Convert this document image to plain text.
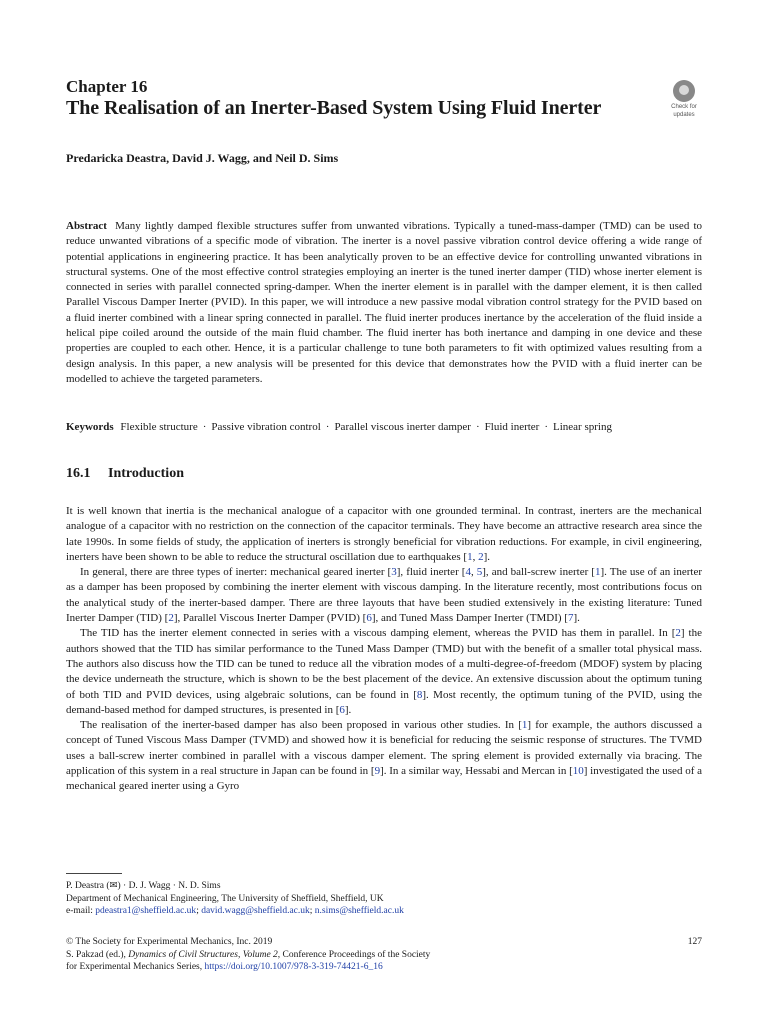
Chapter 16
The Realisation of an Inerter-Based System Using Fluid Inerter	Check for
updates
Predaricka Deastra, David J. Wagg, and Neil D. Sims
Abstract Many lightly damped flexible structures suffer from unwanted vibrations. Typically a tuned-mass-damper (TMD) can be used to reduce unwanted vibrations of a specific mode of vibration. The inerter is a novel passive vibration control device offering a wide range of potential applications in engineering practice. It has been analytically proven to be an effective device for controlling unwanted vibrations in structural systems. One of the most effective control strategies employing an inerter is the tuned inerter damper (TID) whose inerter element is connected in series with parallel connected spring-damper. When the inerter element is in parallel with the damper element, it is then called Parallel Viscous Damper Inerter (PVID). In this paper, we will introduce a new passive modal vibration control strategy for the PVID based on a fluid inerter combined with a linear spring connected in parallel. The fluid inerter produces inertance by the acceleration of the fluid inside a helical pipe coiled around the outside of the main fluid chamber. The fluid inerter has both inertance and damping in one device and these properties are coupled to each other. Hence, it is a particular challenge to tune both parameters to fit with optimized values resulting from a design analysis. In this paper, a new analysis will be presented for this device that demonstrates how the PVID with a fluid inerter can be modelled to achieve the targeted parameters.
Keywords Flexible structure · Passive vibration control · Parallel viscous inerter damper · Fluid inerter · Linear spring
16.1 Introduction

It is well known that inertia is the mechanical analogue of a capacitor with one grounded terminal. In contrast, inerters are the mechanical analogue of a capacitor with no restriction on the connection of the capacitor terminals. They have become an attractive research area since the late 1990s. In some fields of study, the application of inerters is strongly beneficial for vibration reductions. For example, in civil engineering, inerters have been shown to be able to reduce the structural oscillation due to earthquakes [1, 2].

In general, there are three types of inerter: mechanical geared inerter [3], fluid inerter [4, 5], and ball-screw inerter [1]. The use of an inerter as a damper has been proposed by combining the inerter element with viscous damping. In the literature recently, most contributions focus on the analytical study of the inerter-based damper. There are three layouts that have been studied extensively in the existing literature: Tuned Inerter Damper (TID) [2], Parallel Viscous Inerter Damper (PVID) [6], and Tuned Mass Damper Inerter (TMDI) [7].

The TID has the inerter element connected in series with a viscous damping element, whereas the PVID has them in parallel. In [2] the authors showed that the TID has similar performance to the Tuned Mass Damper (TMD) but with the benefit of a smaller total physical mass. The authors also discuss how the TID can be tuned to reduce all the vibration modes of a multi-degree-of-freedom (MDOF) system by placing the device underneath the structure, which is shown to be the best placement of the device. An extensive discussion about the optimum tuning of both TID and PVID devices, using algebraic solutions, can be found in [8]. Most recently, the optimum tuning of the PVID, using the demand-based method for damped structures, is presented in [6].

The realisation of the inerter-based damper has also been proposed in various other studies. In [1] for example, the authors discussed a concept of Tuned Viscous Mass Damper (TVMD) and showed how it is beneficial for reducing the seismic response of structures. The TVMD uses a ball-screw inerter combined in parallel with a viscous damper element. The spring element is provided externally via bracing. The application of this system in a real structure in Japan can be found in [9]. In a similar way, Hessabi and Mercan in [10] investigated the used of a mechanical geared inerter using a Gyro

P. Deastra (✉) · D. J. Wagg · N. D. Sims
Department of Mechanical Engineering, The University of Sheffield, Sheffield, UK
e-mail: pdeastra1@sheffield.ac.uk; david.wagg@sheffield.ac.uk; n.sims@sheffield.ac.uk
© The Society for Experimental Mechanics, Inc. 2019
S. Pakzad (ed.), Dynamics of Civil Structures, Volume 2, Conference Proceedings of the Society
for Experimental Mechanics Series, https://doi.org/10.1007/978-3-319-74421-6_16
127
